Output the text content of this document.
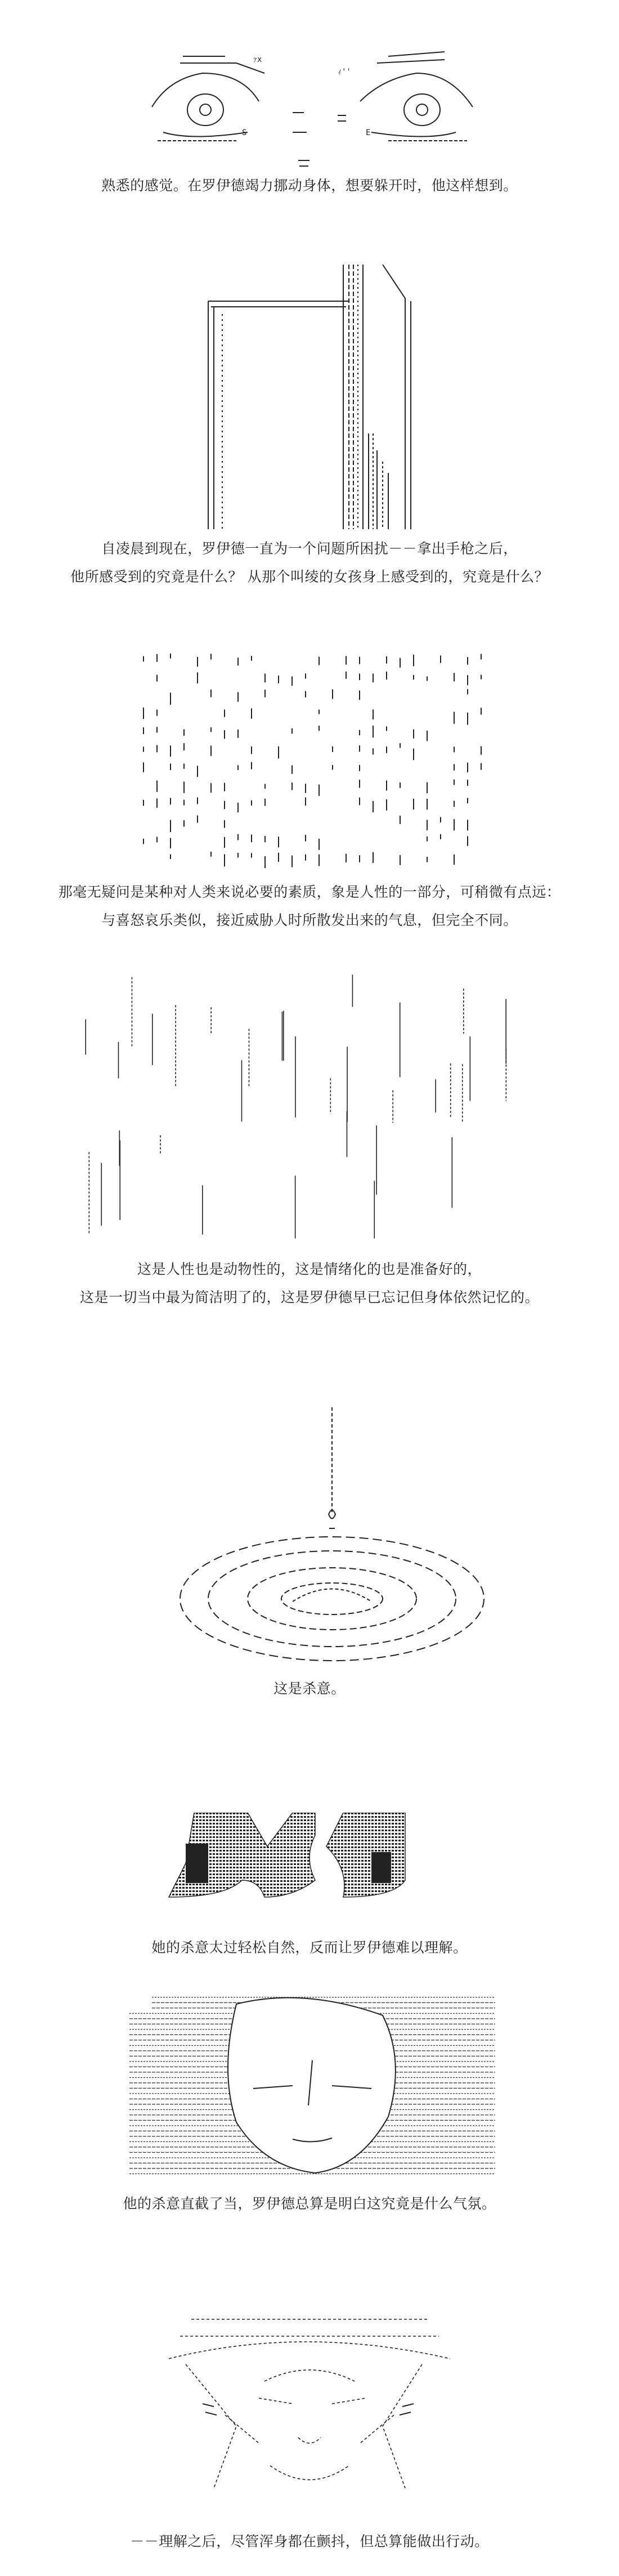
ｧx
ｨ''
S	E
熟悉的感觉。在罗伊德竭力挪动身体，想要躲开时，他这样想到。
自凌晨到现在，罗伊德一直为一个问题所困扰－－拿出手枪之后，
他所感受到的究竟是什么？ 从那个叫绫的女孩身上感受到的，究竟是什么？
那毫无疑问是某种对人类来说必要的素质，象是人性的一部分，可稍微有点远：
与喜怒哀乐类似，接近威胁人时所散发出来的气息，但完全不同。
这是人性也是动物性的，这是情绪化的也是准备好的，
这是一切当中最为简洁明了的，这是罗伊德早已忘记但身体依然记忆的。
这是杀意。
她的杀意太过轻松自然，反而让罗伊德难以理解。
他的杀意直截了当，罗伊德总算是明白这究竟是什么气氛。
－－理解之后，尽管浑身都在颤抖，但总算能做出行动。
